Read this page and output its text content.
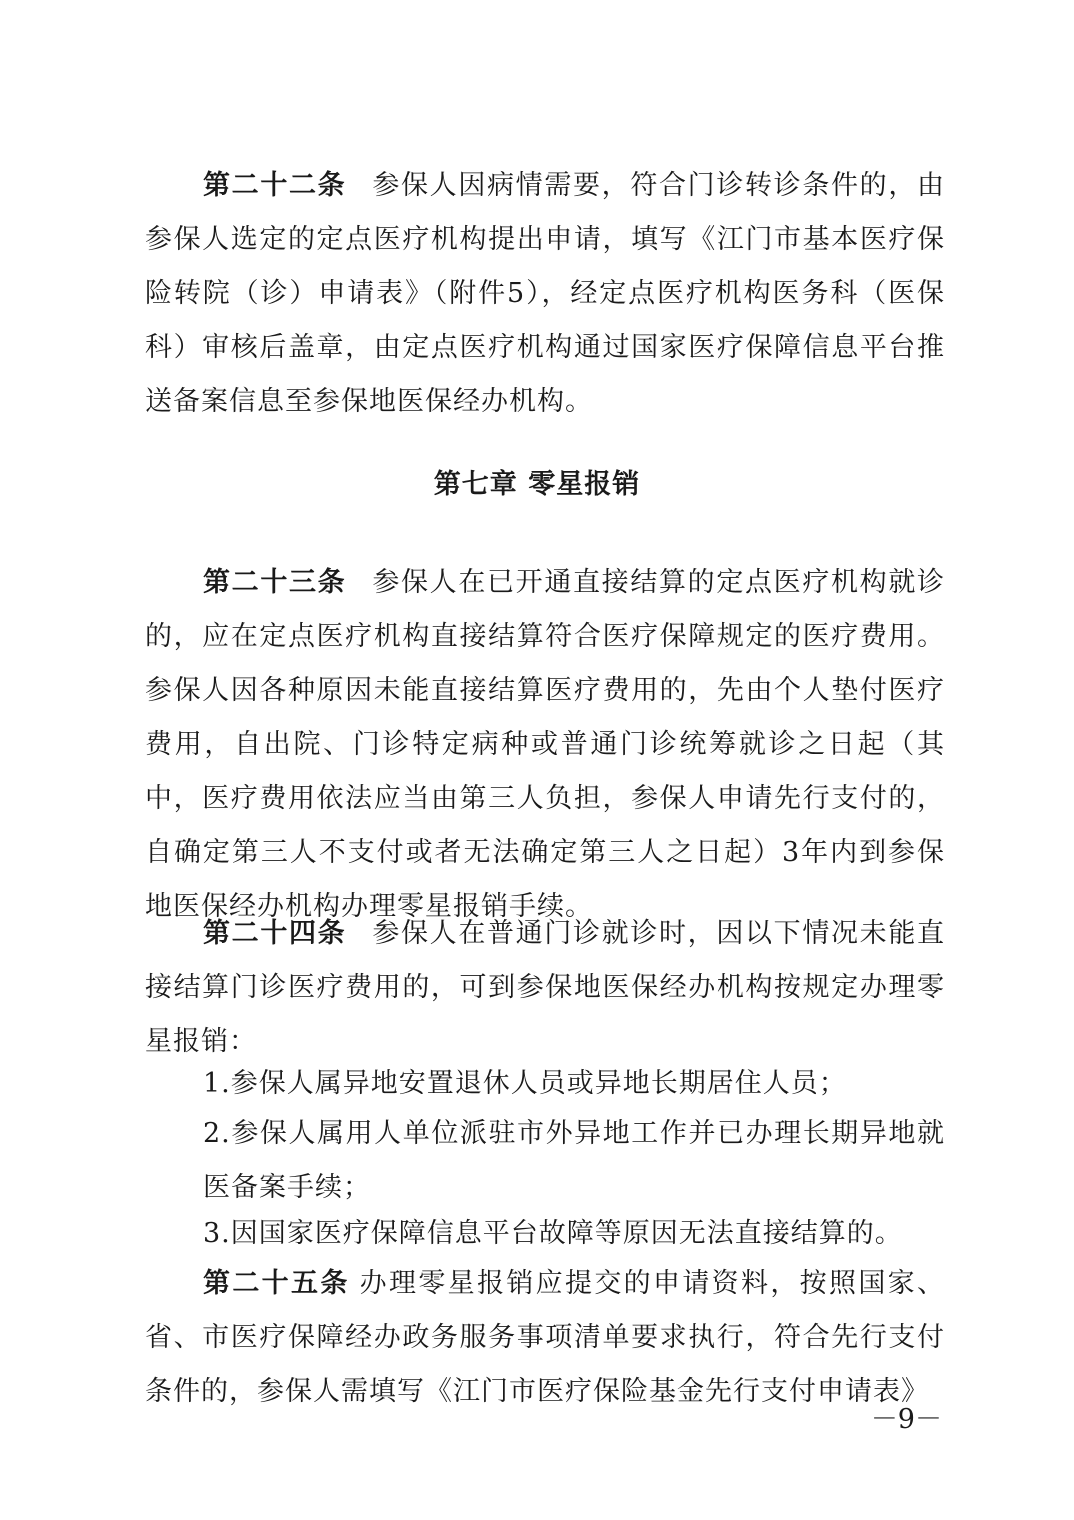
第二十二条 参保人因病情需要，符合门诊转诊条件的，由参保人选定的定点医疗机构提出申请，填写《江门市基本医疗保险转院（诊）申请表》（附件5），经定点医疗机构医务科（医保科）审核后盖章，由定点医疗机构通过国家医疗保障信息平台推送备案信息至参保地医保经办机构。

第七章 零星报销

第二十三条 参保人在已开通直接结算的定点医疗机构就诊的，应在定点医疗机构直接结算符合医疗保障规定的医疗费用。参保人因各种原因未能直接结算医疗费用的，先由个人垫付医疗费用，自出院、门诊特定病种或普通门诊统筹就诊之日起（其中，医疗费用依法应当由第三人负担，参保人申请先行支付的，自确定第三人不支付或者无法确定第三人之日起）3年内到参保地医保经办机构办理零星报销手续。

第二十四条 参保人在普通门诊就诊时，因以下情况未能直接结算门诊医疗费用的，可到参保地医保经办机构按规定办理零星报销：

1.参保人属异地安置退休人员或异地长期居住人员；

2.参保人属用人单位派驻市外异地工作并已办理长期异地就医备案手续；

3.因国家医疗保障信息平台故障等原因无法直接结算的。

第二十五条 办理零星报销应提交的申请资料，按照国家、省、市医疗保障经办政务服务事项清单要求执行，符合先行支付条件的，参保人需填写《江门市医疗保险基金先行支付申请表》

－9－
